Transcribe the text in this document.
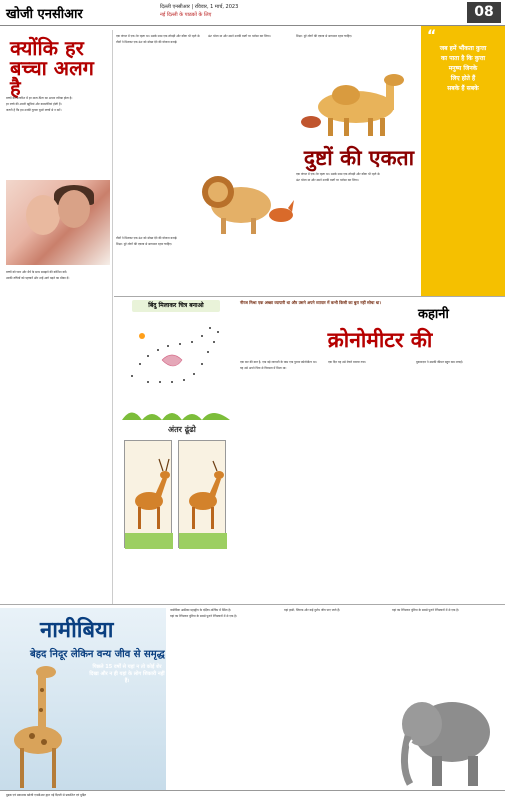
खोजी एनसीआर	दिल्ली एनसीआर | रविवार, 1 मार्च, 2023
नई दिल्ली के पाठकों के लिए	08
क्योंकि हर बच्चा अलग है

बच्चों की परवरिश में हर माता-पिता का अपना तरीका होता है।

हर बच्चे की अपनी खूबियां और कमजोरियां होती हैं।

जरूरी है कि हम उनकी तुलना दूसरे बच्चों से न करें।

बच्चों को प्यार और धैर्य के साथ समझने की कोशिश करें।

उनकी रुचियों को पहचानें और उन्हें आगे बढ़ने का मौका दें।

एक जंगल में एक शेर रहता था। उसके साथ एक लोमड़ी और कौवा भी रहते थे।

तीनों ने मिलकर एक ऊंट को धोखा देने की योजना बनाई।

ऊंट भोला था और उसने उनकी बातों पर भरोसा कर लिया।	शिक्षा: बुरे लोगों की एकता से सावधान रहना चाहिए।

दुष्टों की एकता

एक जंगल में एक शेर रहता था। उसके साथ एक लोमड़ी और कौवा भी रहते थे।

ऊंट भोला था और उसने उनकी बातों पर भरोसा कर लिया।

तीनों ने मिलकर एक ऊंट को धोखा देने की योजना बनाई।

शिक्षा: बुरे लोगों की एकता से सावधान रहना चाहिए।

“
जब हमें भौंकता कुत्ता
का पाता है कि कुत्ता
मनुष्य जिनके
लिए होते हैं
सबके हैं सबके
बिंदु मिलाकर चित्र बनाओ
अंतर ढूंढो
नीरज मिश्रा एक अच्छा व्यापारी था और उसने अपने व्यापार में कभी किसी का बुरा नहीं सोचा था।
कहानी
क्रोनोमीटर की

एक बार की बात है, एक बड़े व्यापारी के पास एक पुराना क्रोनोमीटर था।

वह उसे अपने पिता से विरासत में मिला था।

एक दिन वह उसे बेचने बाजार गया।	दुकानदार ने उसकी कीमत बहुत कम लगाई।

नामीबिया
बेहद निदूर लेकिन वन्य जीव से समृद्ध
पिछले 15 वर्षों से यहां न तो कोई शेर दिखा और न ही यहां के लोग शिकारी नहीं हैं।

नामीबिया अफ्रीका महाद्वीप के दक्षिण-पश्चिम में स्थित है।

यहां का रेगिस्तान दुनिया के सबसे पुराने रेगिस्तानों में से एक है।

यहां हाथी, जिराफ और कई दुर्लभ जीव पाए जाते हैं।	यहां का रेगिस्तान दुनिया के सबसे पुराने रेगिस्तानों में से एक है।

मुद्रक एवं प्रकाशक खोजी एनसीआर द्वारा नई दिल्ली से प्रकाशित एवं मुद्रित
